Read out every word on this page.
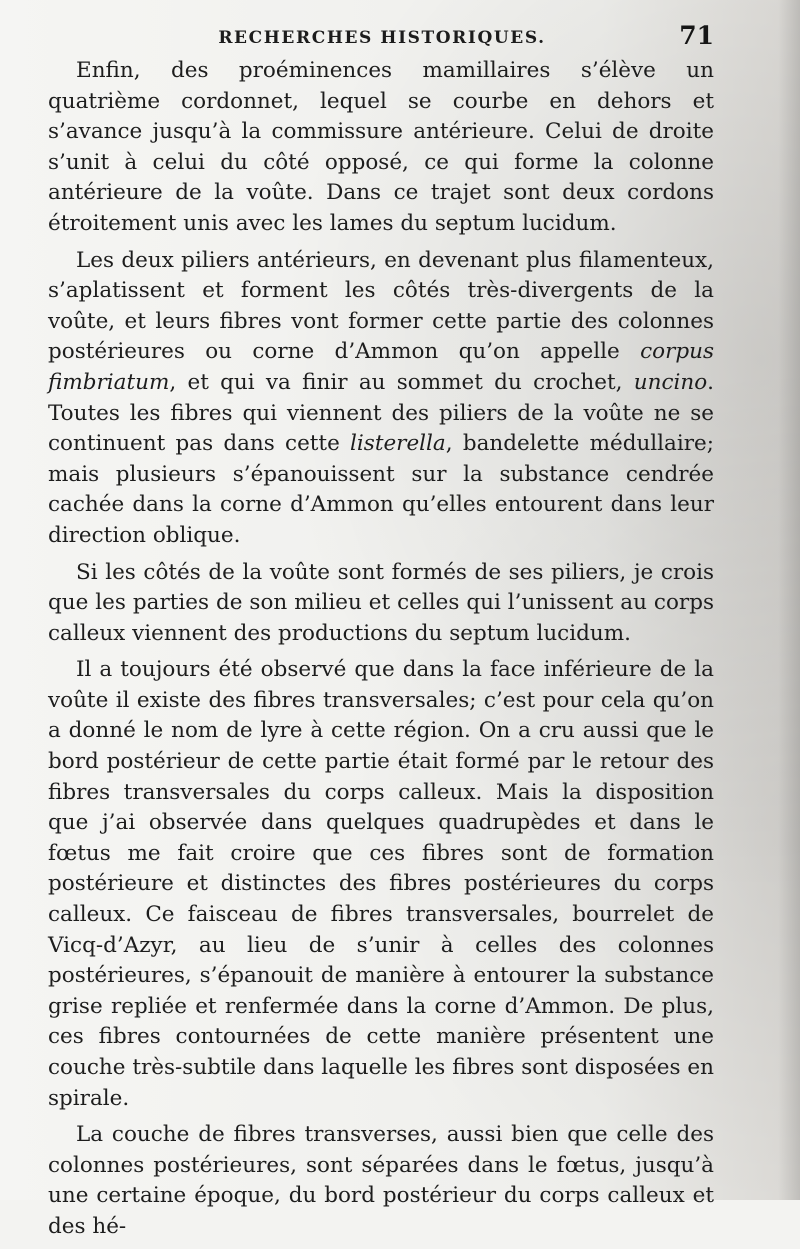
RECHERCHES HISTORIQUES.	71

Enfin, des proéminences mamillaires s’élève un quatrième cordonnet, lequel se courbe en dehors et s’avance jusqu’à la commissure antérieure. Celui de droite s’unit à celui du côté opposé, ce qui forme la colonne antérieure de la voûte. Dans ce trajet sont deux cordons étroitement unis avec les lames du septum lucidum.

Les deux piliers antérieurs, en devenant plus filamenteux, s’aplatissent et forment les côtés très-divergents de la voûte, et leurs fibres vont former cette partie des colonnes postérieures ou corne d’Ammon qu’on appelle corpus fimbriatum, et qui va finir au sommet du crochet, uncino. Toutes les fibres qui viennent des piliers de la voûte ne se continuent pas dans cette listerella, bandelette médullaire; mais plusieurs s’épanouissent sur la substance cendrée cachée dans la corne d’Ammon qu’elles entourent dans leur direction oblique.

Si les côtés de la voûte sont formés de ses piliers, je crois que les parties de son milieu et celles qui l’unissent au corps calleux viennent des productions du septum lucidum.

Il a toujours été observé que dans la face inférieure de la voûte il existe des fibres transversales; c’est pour cela qu’on a donné le nom de lyre à cette région. On a cru aussi que le bord postérieur de cette partie était formé par le retour des fibres transversales du corps calleux. Mais la disposition que j’ai observée dans quelques quadrupèdes et dans le fœtus me fait croire que ces fibres sont de formation postérieure et distinctes des fibres postérieures du corps calleux. Ce faisceau de fibres transversales, bourrelet de Vicq-d’Azyr, au lieu de s’unir à celles des colonnes postérieures, s’épanouit de manière à entourer la substance grise repliée et renfermée dans la corne d’Ammon. De plus, ces fibres contournées de cette manière présentent une couche très-subtile dans laquelle les fibres sont disposées en spirale.

La couche de fibres transverses, aussi bien que celle des colonnes postérieures, sont séparées dans le fœtus, jusqu’à une certaine époque, du bord postérieur du corps calleux et des hé-
